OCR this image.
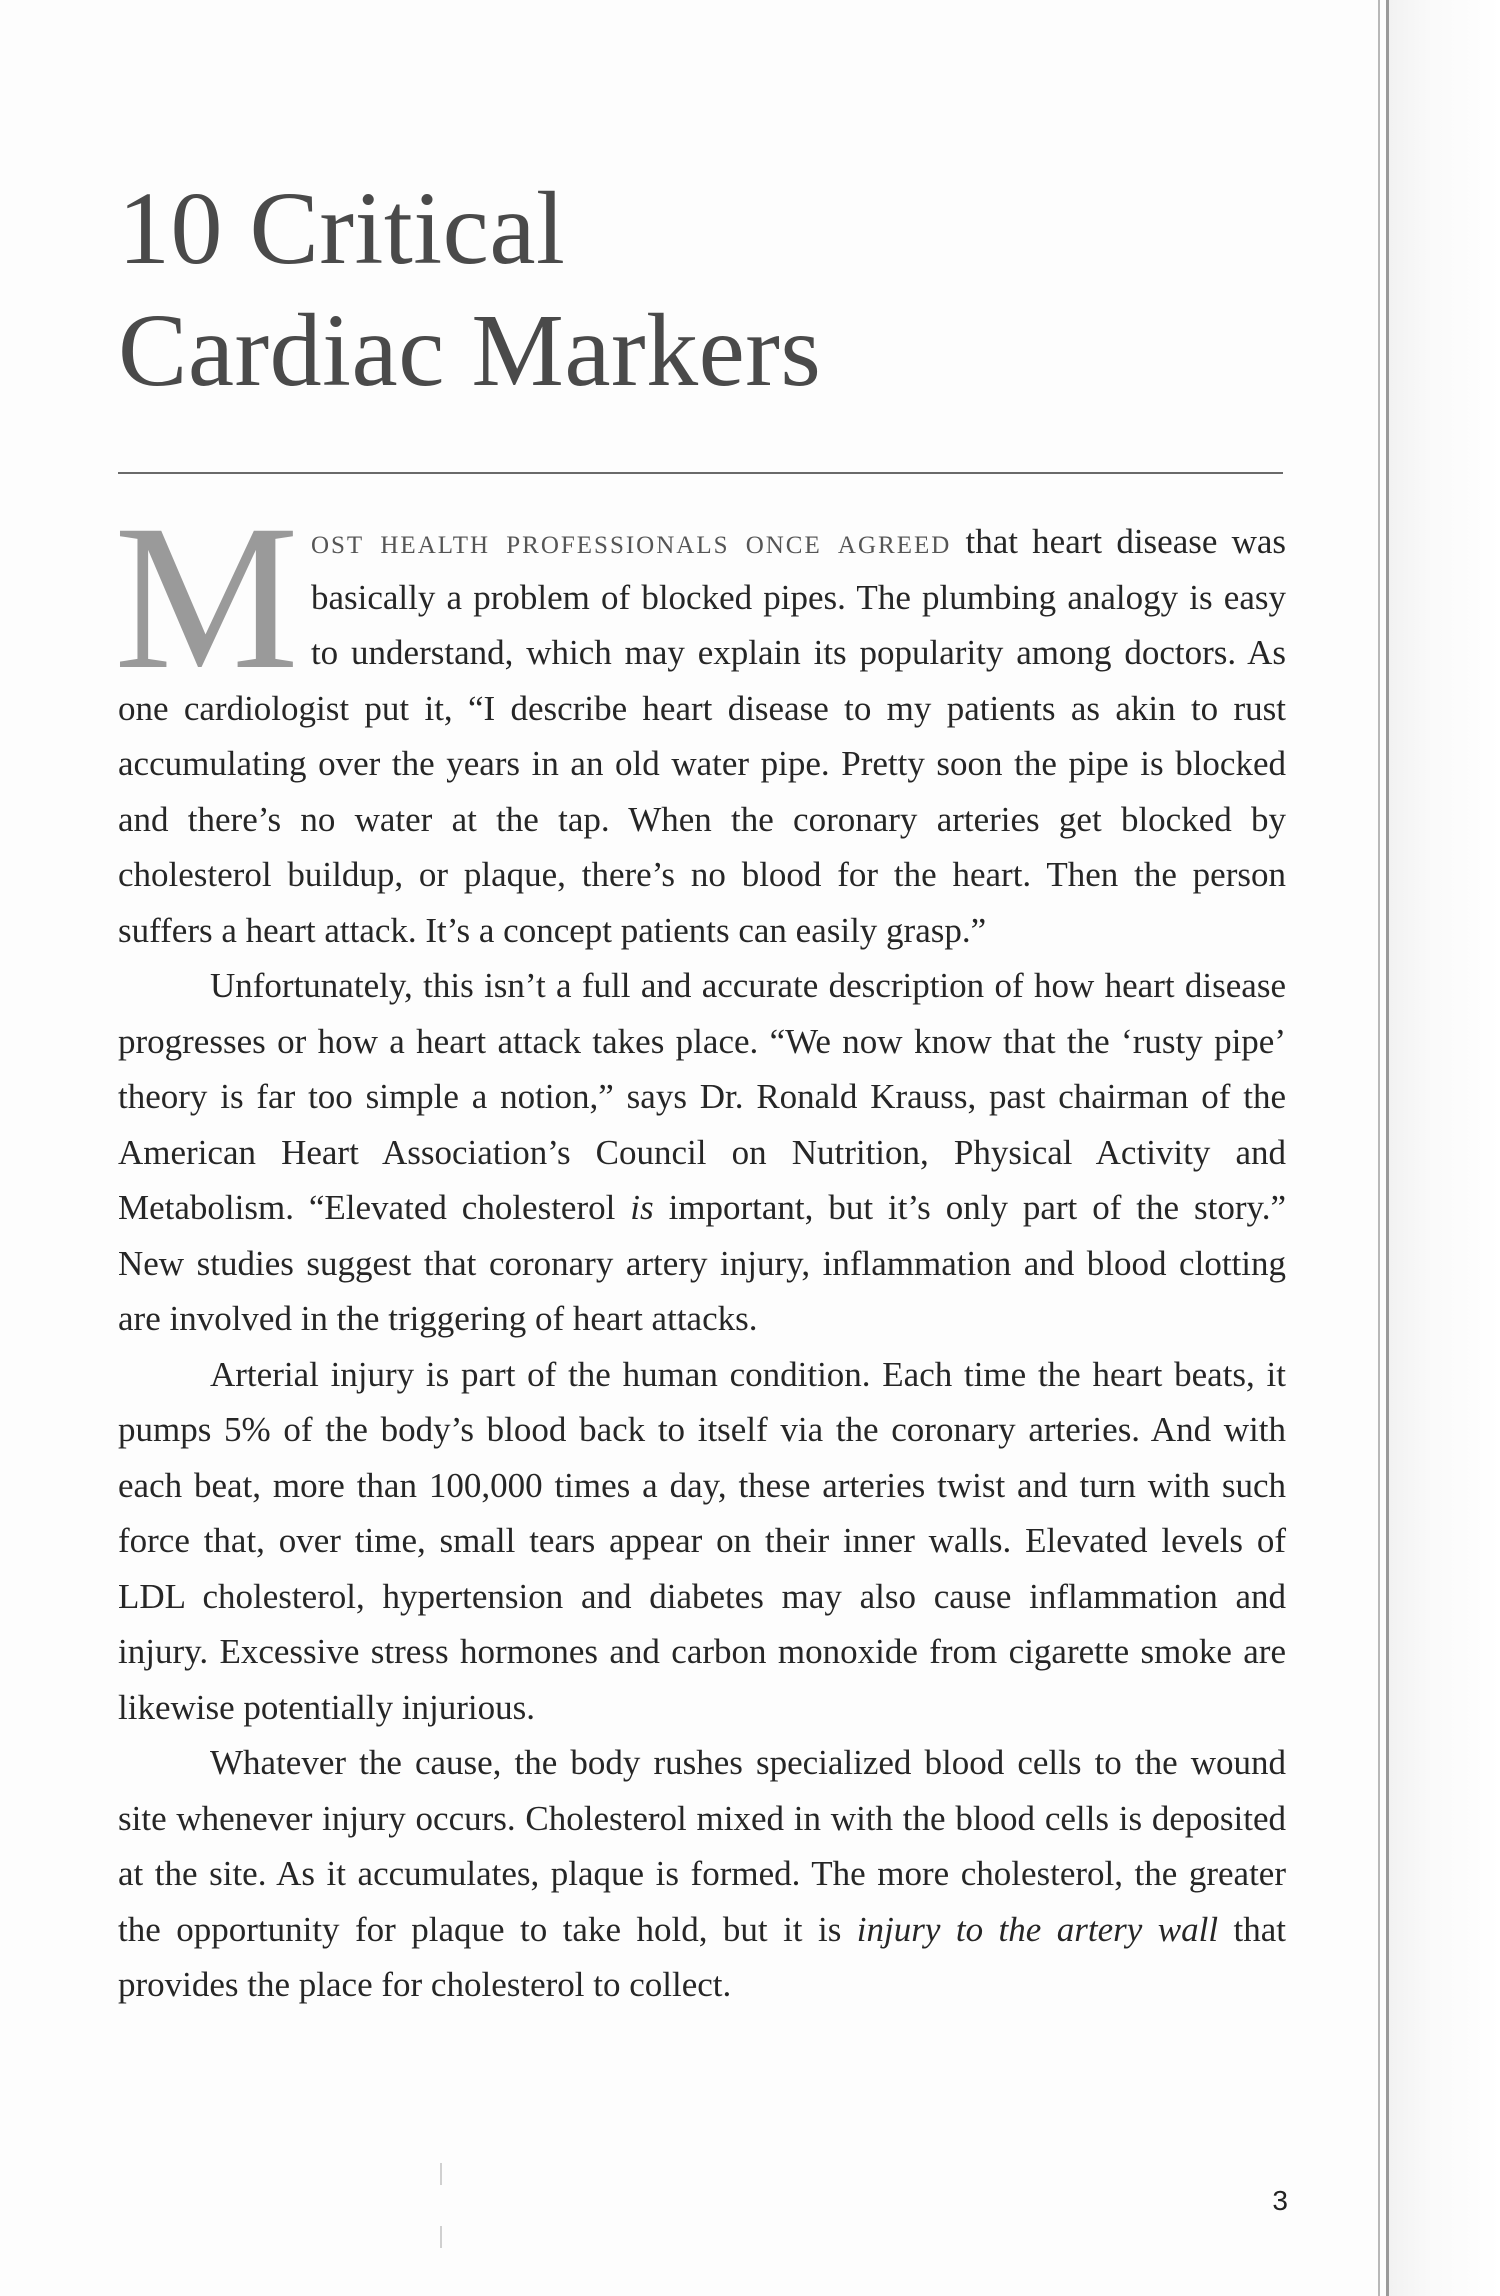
10 Critical
Cardiac Markers

Most health professionals once agreed that heart disease was basically a problem of blocked pipes. The plumbing analogy is easy to understand, which may explain its popularity among doctors. As one cardiologist put it, “I describe heart disease to my patients as akin to rust accumulating over the years in an old water pipe. Pretty soon the pipe is blocked and there’s no water at the tap. When the coronary arteries get blocked by cholesterol buildup, or plaque, there’s no blood for the heart. Then the person suffers a heart attack. It’s a concept patients can easily grasp.”

Unfortunately, this isn’t a full and accurate description of how heart disease progresses or how a heart attack takes place. “We now know that the ‘rusty pipe’ theory is far too simple a notion,” says Dr. Ronald Krauss, past chairman of the American Heart Association’s Council on Nutrition, Physical Activity and Metabolism. “Elevated cholesterol is important, but it’s only part of the story.” New studies suggest that coronary artery injury, inflammation and blood clotting are involved in the triggering of heart attacks.

Arterial injury is part of the human condition. Each time the heart beats, it pumps 5% of the body’s blood back to itself via the coronary arteries. And with each beat, more than 100,000 times a day, these arteries twist and turn with such force that, over time, small tears appear on their inner walls. Elevated levels of LDL cholesterol, hypertension and diabetes may also cause inflammation and injury. Excessive stress hormones and carbon monoxide from cigarette smoke are likewise potentially injurious.

Whatever the cause, the body rushes specialized blood cells to the wound site whenever injury occurs. Cholesterol mixed in with the blood cells is deposited at the site. As it accumulates, plaque is formed. The more cholesterol, the greater the opportunity for plaque to take hold, but it is injury to the artery wall that provides the place for cholesterol to collect.

3
